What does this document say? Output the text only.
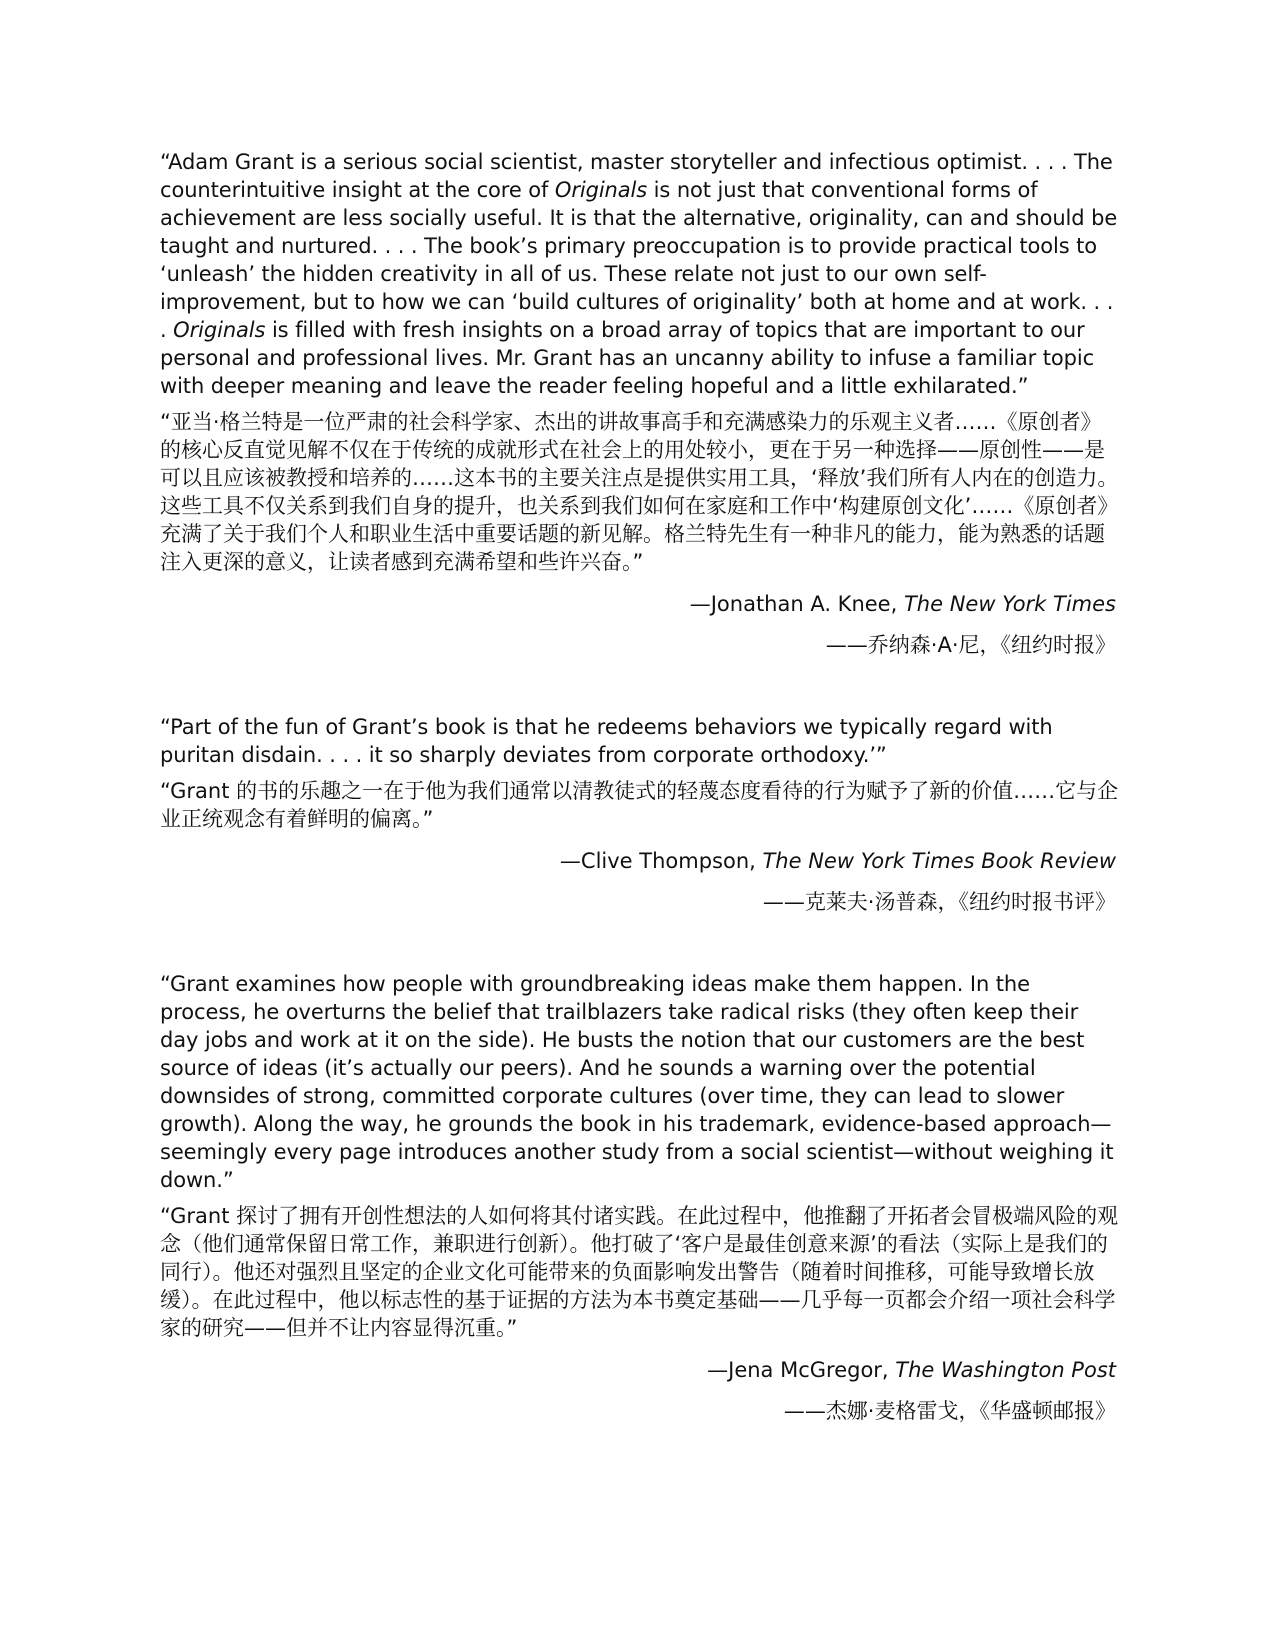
“Adam Grant is a serious social scientist, master storyteller and infectious optimist. . . . The counterintuitive insight at the core of Originals is not just that conventional forms of achievement are less socially useful. It is that the alternative, originality, can and should be taught and nurtured. . . . The book’s primary preoccupation is to provide practical tools to ‘unleash’ the hidden creativity in all of us. These relate not just to our own self-improvement, but to how we can ‘build cultures of originality’ both at home and at work. . . . Originals is filled with fresh insights on a broad array of topics that are important to our personal and professional lives. Mr. Grant has an uncanny ability to infuse a familiar topic with deeper meaning and leave the reader feeling hopeful and a little exhilarated.”

“亚当·格兰特是一位严肃的社会科学家、杰出的讲故事高手和充满感染力的乐观主义者……《原创者》的核心反直觉见解不仅在于传统的成就形式在社会上的用处较小，更在于另一种选择——原创性——是可以且应该被教授和培养的……这本书的主要关注点是提供实用工具，‘释放’我们所有人内在的创造力。这些工具不仅关系到我们自身的提升，也关系到我们如何在家庭和工作中‘构建原创文化’……《原创者》充满了关于我们个人和职业生活中重要话题的新见解。格兰特先生有一种非凡的能力，能为熟悉的话题注入更深的意义，让读者感到充满希望和些许兴奋。”

—Jonathan A. Knee, The New York Times

——乔纳森·A·尼，《纽约时报》

“Part of the fun of Grant’s book is that he redeems behaviors we typically regard with puritan disdain. . . . it so sharply deviates from corporate orthodoxy.’”

“Grant 的书的乐趣之一在于他为我们通常以清教徒式的轻蔑态度看待的行为赋予了新的价值……它与企业正统观念有着鲜明的偏离。”

—Clive Thompson, The New York Times Book Review

——克莱夫·汤普森，《纽约时报书评》

“Grant examines how people with groundbreaking ideas make them happen. In the process, he overturns the belief that trailblazers take radical risks (they often keep their day jobs and work at it on the side). He busts the notion that our customers are the best source of ideas (it’s actually our peers). And he sounds a warning over the potential downsides of strong, committed corporate cultures (over time, they can lead to slower growth). Along the way, he grounds the book in his trademark, evidence-based approach—seemingly every page introduces another study from a social scientist—without weighing it down.”

“Grant 探讨了拥有开创性想法的人如何将其付诸实践。在此过程中，他推翻了开拓者会冒极端风险的观念（他们通常保留日常工作，兼职进行创新）。他打破了‘客户是最佳创意来源’的看法（实际上是我们的同行）。他还对强烈且坚定的企业文化可能带来的负面影响发出警告（随着时间推移，可能导致增长放缓）。在此过程中，他以标志性的基于证据的方法为本书奠定基础——几乎每一页都会介绍一项社会科学家的研究——但并不让内容显得沉重。”

—Jena McGregor, The Washington Post

——杰娜·麦格雷戈，《华盛顿邮报》
